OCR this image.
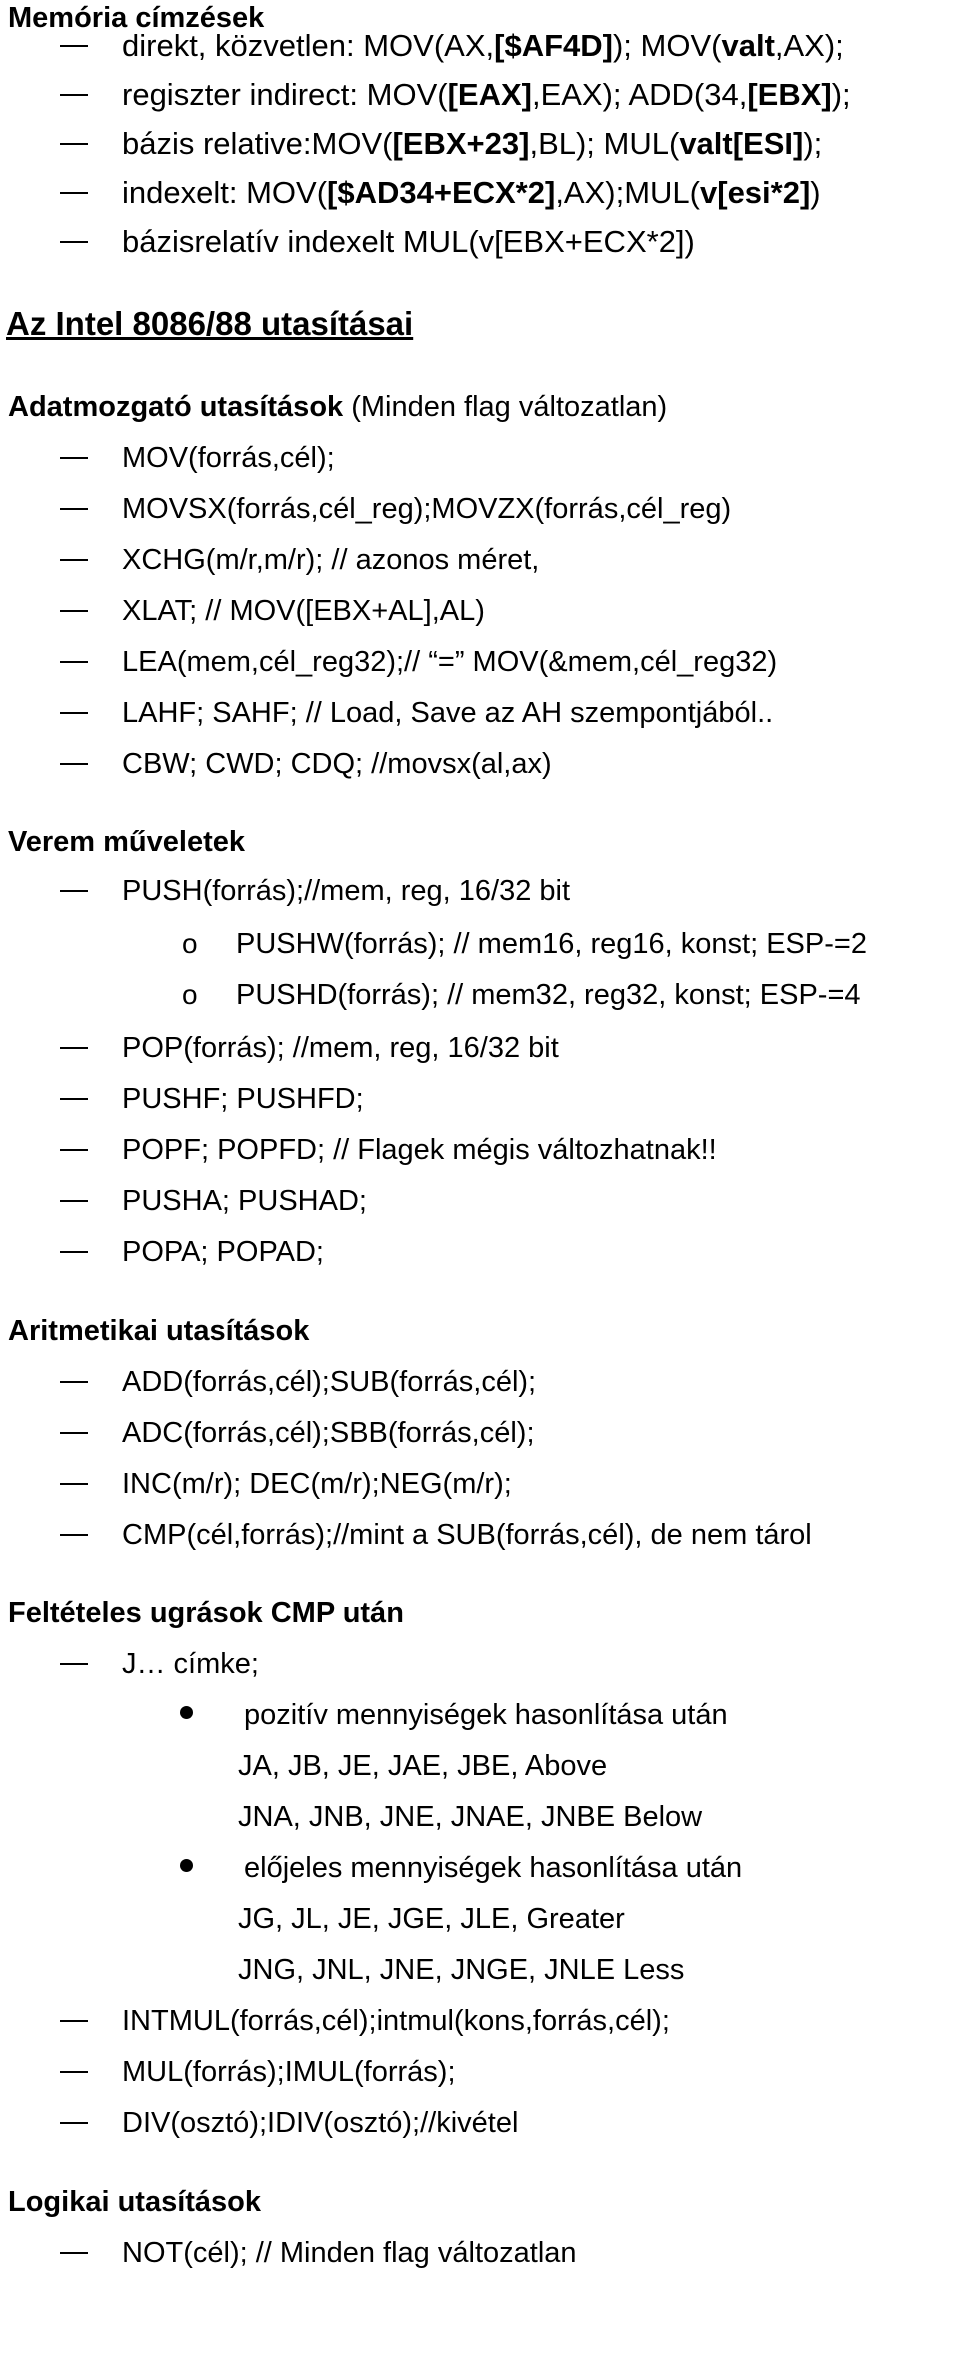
Memória címzések
direkt, közvetlen: MOV(AX,[$AF4D]); MOV(valt,AX);
regiszter indirect: MOV([EAX],EAX); ADD(34,[EBX]);
bázis relative:MOV([EBX+23],BL); MUL(valt[ESI]);
indexelt: MOV([$AD34+ECX*2],AX);MUL(v[esi*2])
bázisrelatív indexelt MUL(v[EBX+ECX*2])
Az Intel 8086/88 utasításai
Adatmozgató utasítások (Minden flag változatlan)
MOV(forrás,cél);
MOVSX(forrás,cél_reg);MOVZX(forrás,cél_reg)
XCHG(m/r,m/r); // azonos méret,
XLAT; // MOV([EBX+AL],AL)
LEA(mem,cél_reg32);// “=” MOV(&mem,cél_reg32)
LAHF; SAHF; // Load, Save az AH szempontjából..
CBW; CWD; CDQ; //movsx(al,ax)
Verem műveletek
PUSH(forrás);//mem, reg, 16/32 bit
o PUSHW(forrás); // mem16, reg16, konst; ESP-=2
o PUSHD(forrás); // mem32, reg32, konst; ESP-=4
POP(forrás); //mem, reg, 16/32 bit
PUSHF; PUSHFD;
POPF; POPFD; // Flagek mégis változhatnak!!
PUSHA; PUSHAD;
POPA; POPAD;
Aritmetikai utasítások
ADD(forrás,cél);SUB(forrás,cél);
ADC(forrás,cél);SBB(forrás,cél);
INC(m/r); DEC(m/r);NEG(m/r);
CMP(cél,forrás);//mint a SUB(forrás,cél), de nem tárol
Feltételes ugrások CMP után
J… címke;
pozitív mennyiségek hasonlítása után
JA, JB, JE, JAE, JBE, Above
JNA, JNB, JNE, JNAE, JNBE Below
előjeles mennyiségek hasonlítása után
JG, JL, JE, JGE, JLE, Greater
JNG, JNL, JNE, JNGE, JNLE Less
INTMUL(forrás,cél);intmul(kons,forrás,cél);
MUL(forrás);IMUL(forrás);
DIV(osztó);IDIV(osztó);//kivétel
Logikai utasítások
NOT(cél); // Minden flag változatlan
